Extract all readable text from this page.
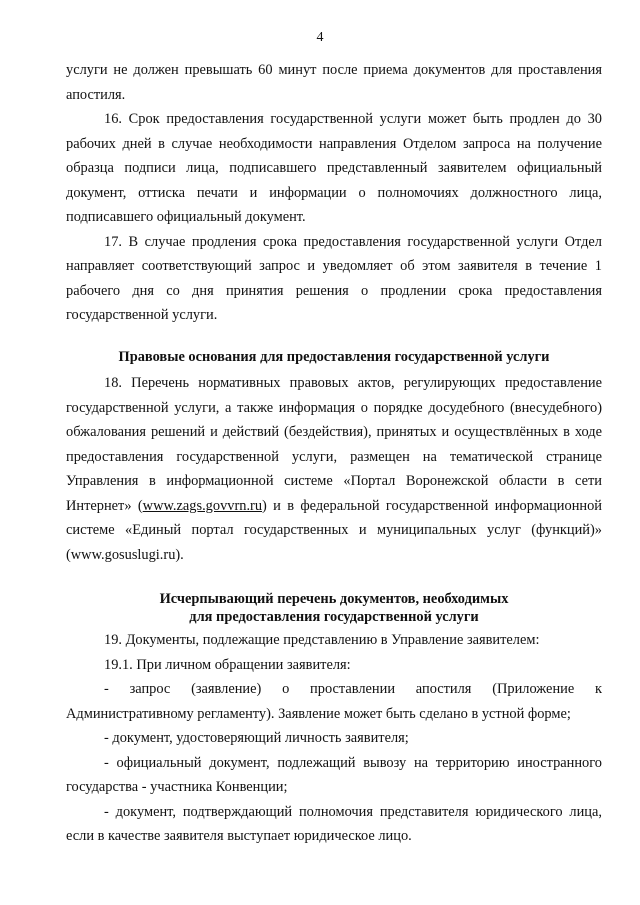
4

услуги не должен превышать 60 минут после приема документов для проставления апостиля.

16. Срок предоставления государственной услуги может быть продлен до 30 рабочих дней в случае необходимости направления Отделом запроса на получение образца подписи лица, подписавшего представленный заявителем официальный документ, оттиска печати и информации о полномочиях должностного лица, подписавшего официальный документ.

17. В случае продления срока предоставления государственной услуги Отдел направляет соответствующий запрос и уведомляет об этом заявителя в течение 1 рабочего дня со дня принятия решения о продлении срока предоставления государственной услуги.

Правовые основания для предоставления государственной услуги

18. Перечень нормативных правовых актов, регулирующих предоставление государственной услуги, а также информация о порядке досудебного (внесудебного) обжалования решений и действий (бездействия), принятых и осуществлённых в ходе предоставления государственной услуги, размещен на тематической странице Управления в информационной системе «Портал Воронежской области в сети Интернет» (www.zags.govvrn.ru) и в федеральной государственной информационной системе «Единый портал государственных и муниципальных услуг (функций)» (www.gosuslugi.ru).

Исчерпывающий перечень документов, необходимых
для предоставления государственной услуги

19. Документы, подлежащие представлению в Управление заявителем:

19.1. При личном обращении заявителя:

- запрос (заявление) о проставлении апостиля (Приложение к Административному регламенту). Заявление может быть сделано в устной форме;

- документ, удостоверяющий личность заявителя;

- официальный документ, подлежащий вывозу на территорию иностранного государства - участника Конвенции;

- документ, подтверждающий полномочия представителя юридического лица, если в качестве заявителя выступает юридическое лицо.
